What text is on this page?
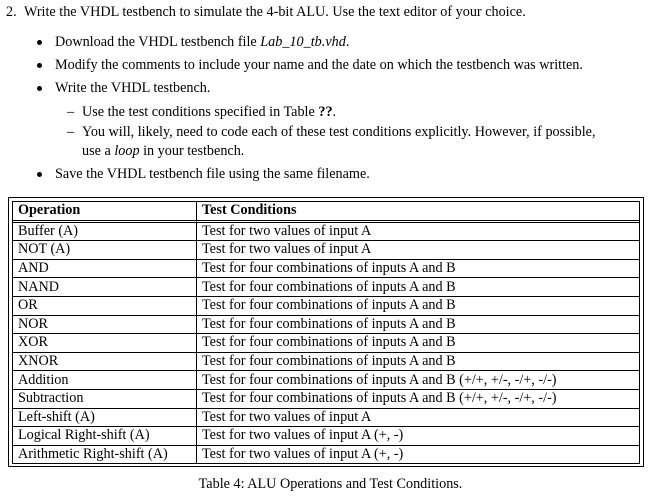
2. Write the VHDL testbench to simulate the 4-bit ALU. Use the text editor of your choice.
Download the VHDL testbench file Lab_10_tb.vhd.
Modify the comments to include your name and the date on which the testbench was written.
Write the VHDL testbench.
– Use the test conditions specified in Table ??.
– You will, likely, need to code each of these test conditions explicitly. However, if possible,
use a loop in your testbench.
Save the VHDL testbench file using the same filename.
Operation	Test Conditions
Buffer (A)	Test for two values of input A
NOT (A)	Test for two values of input A
AND	Test for four combinations of inputs A and B
NAND	Test for four combinations of inputs A and B
OR	Test for four combinations of inputs A and B
NOR	Test for four combinations of inputs A and B
XOR	Test for four combinations of inputs A and B
XNOR	Test for four combinations of inputs A and B
Addition	Test for four combinations of inputs A and B (+/+, +/-, -/+, -/-)
Subtraction	Test for four combinations of inputs A and B (+/+, +/-, -/+, -/-)
Left-shift (A)	Test for two values of input A
Logical Right-shift (A)	Test for two values of input A (+, -)
Arithmetic Right-shift (A)	Test for two values of input A (+, -)
Table 4: ALU Operations and Test Conditions.
